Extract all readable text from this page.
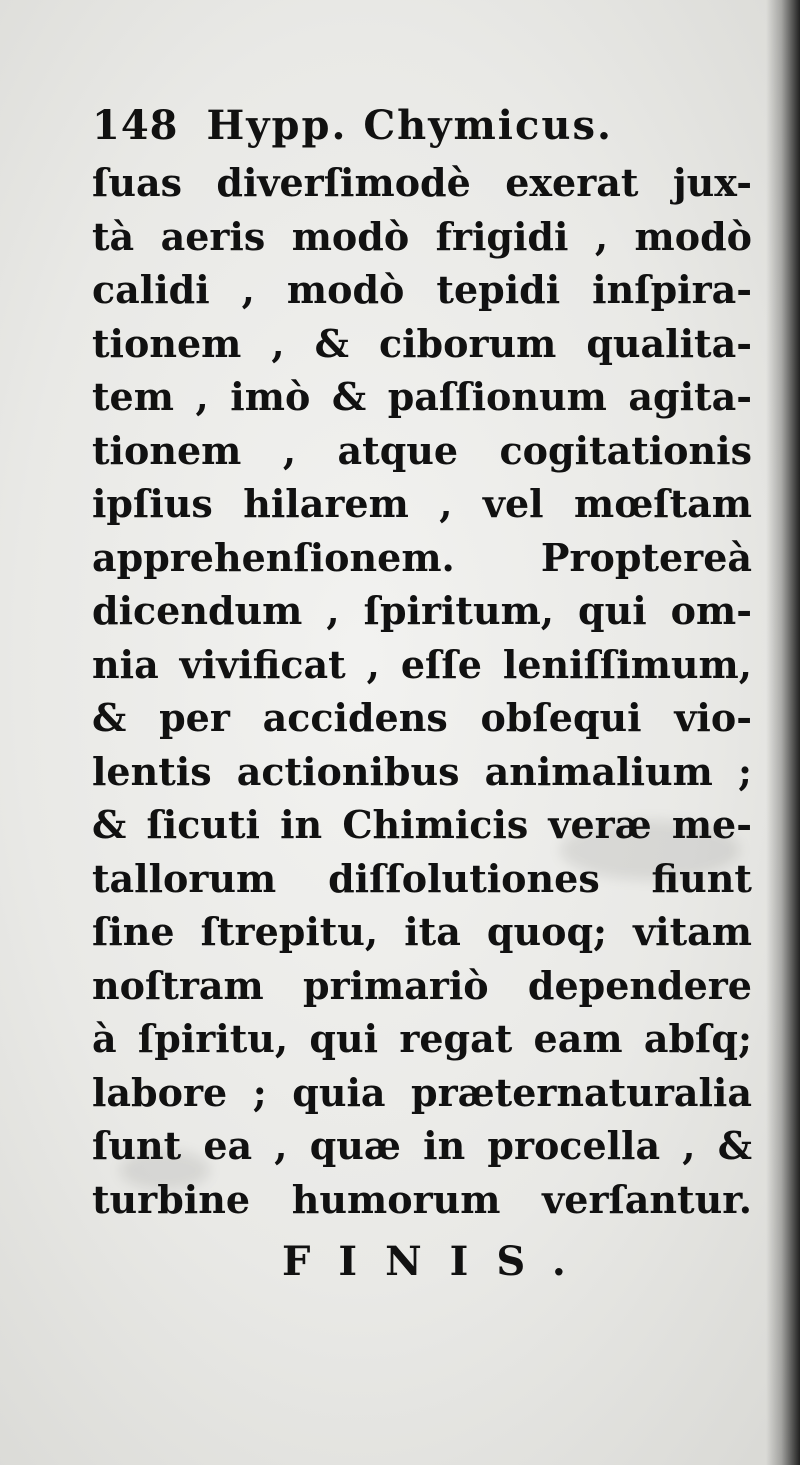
148 Hypp. Chymicus.
ſuas diverſimodè exerat jux-
tà aeris modò frigidi , modò
calidi , modò tepidi inſpira-
tionem , & ciborum qualita-
tem , imò & paſſionum agita-
tionem , atque cogitationis
ipſius hilarem , vel mœſtam
apprehenſionem. Proptereà
dicendum , ſpiritum, qui om-
nia vivificat , eſſe leniſſimum,
& per accidens obſequi vio-
lentis actionibus animalium ;
& ſicuti in Chimicis veræ me-
tallorum diſſolutiones fiunt
ſine ſtrepitu, ita quoq; vitam
noſtram primariò dependere
à ſpiritu, qui regat eam abſq;
labore ; quia præternaturalia
ſunt ea , quæ in procella , &
turbine humorum verſantur.
FINIS.
